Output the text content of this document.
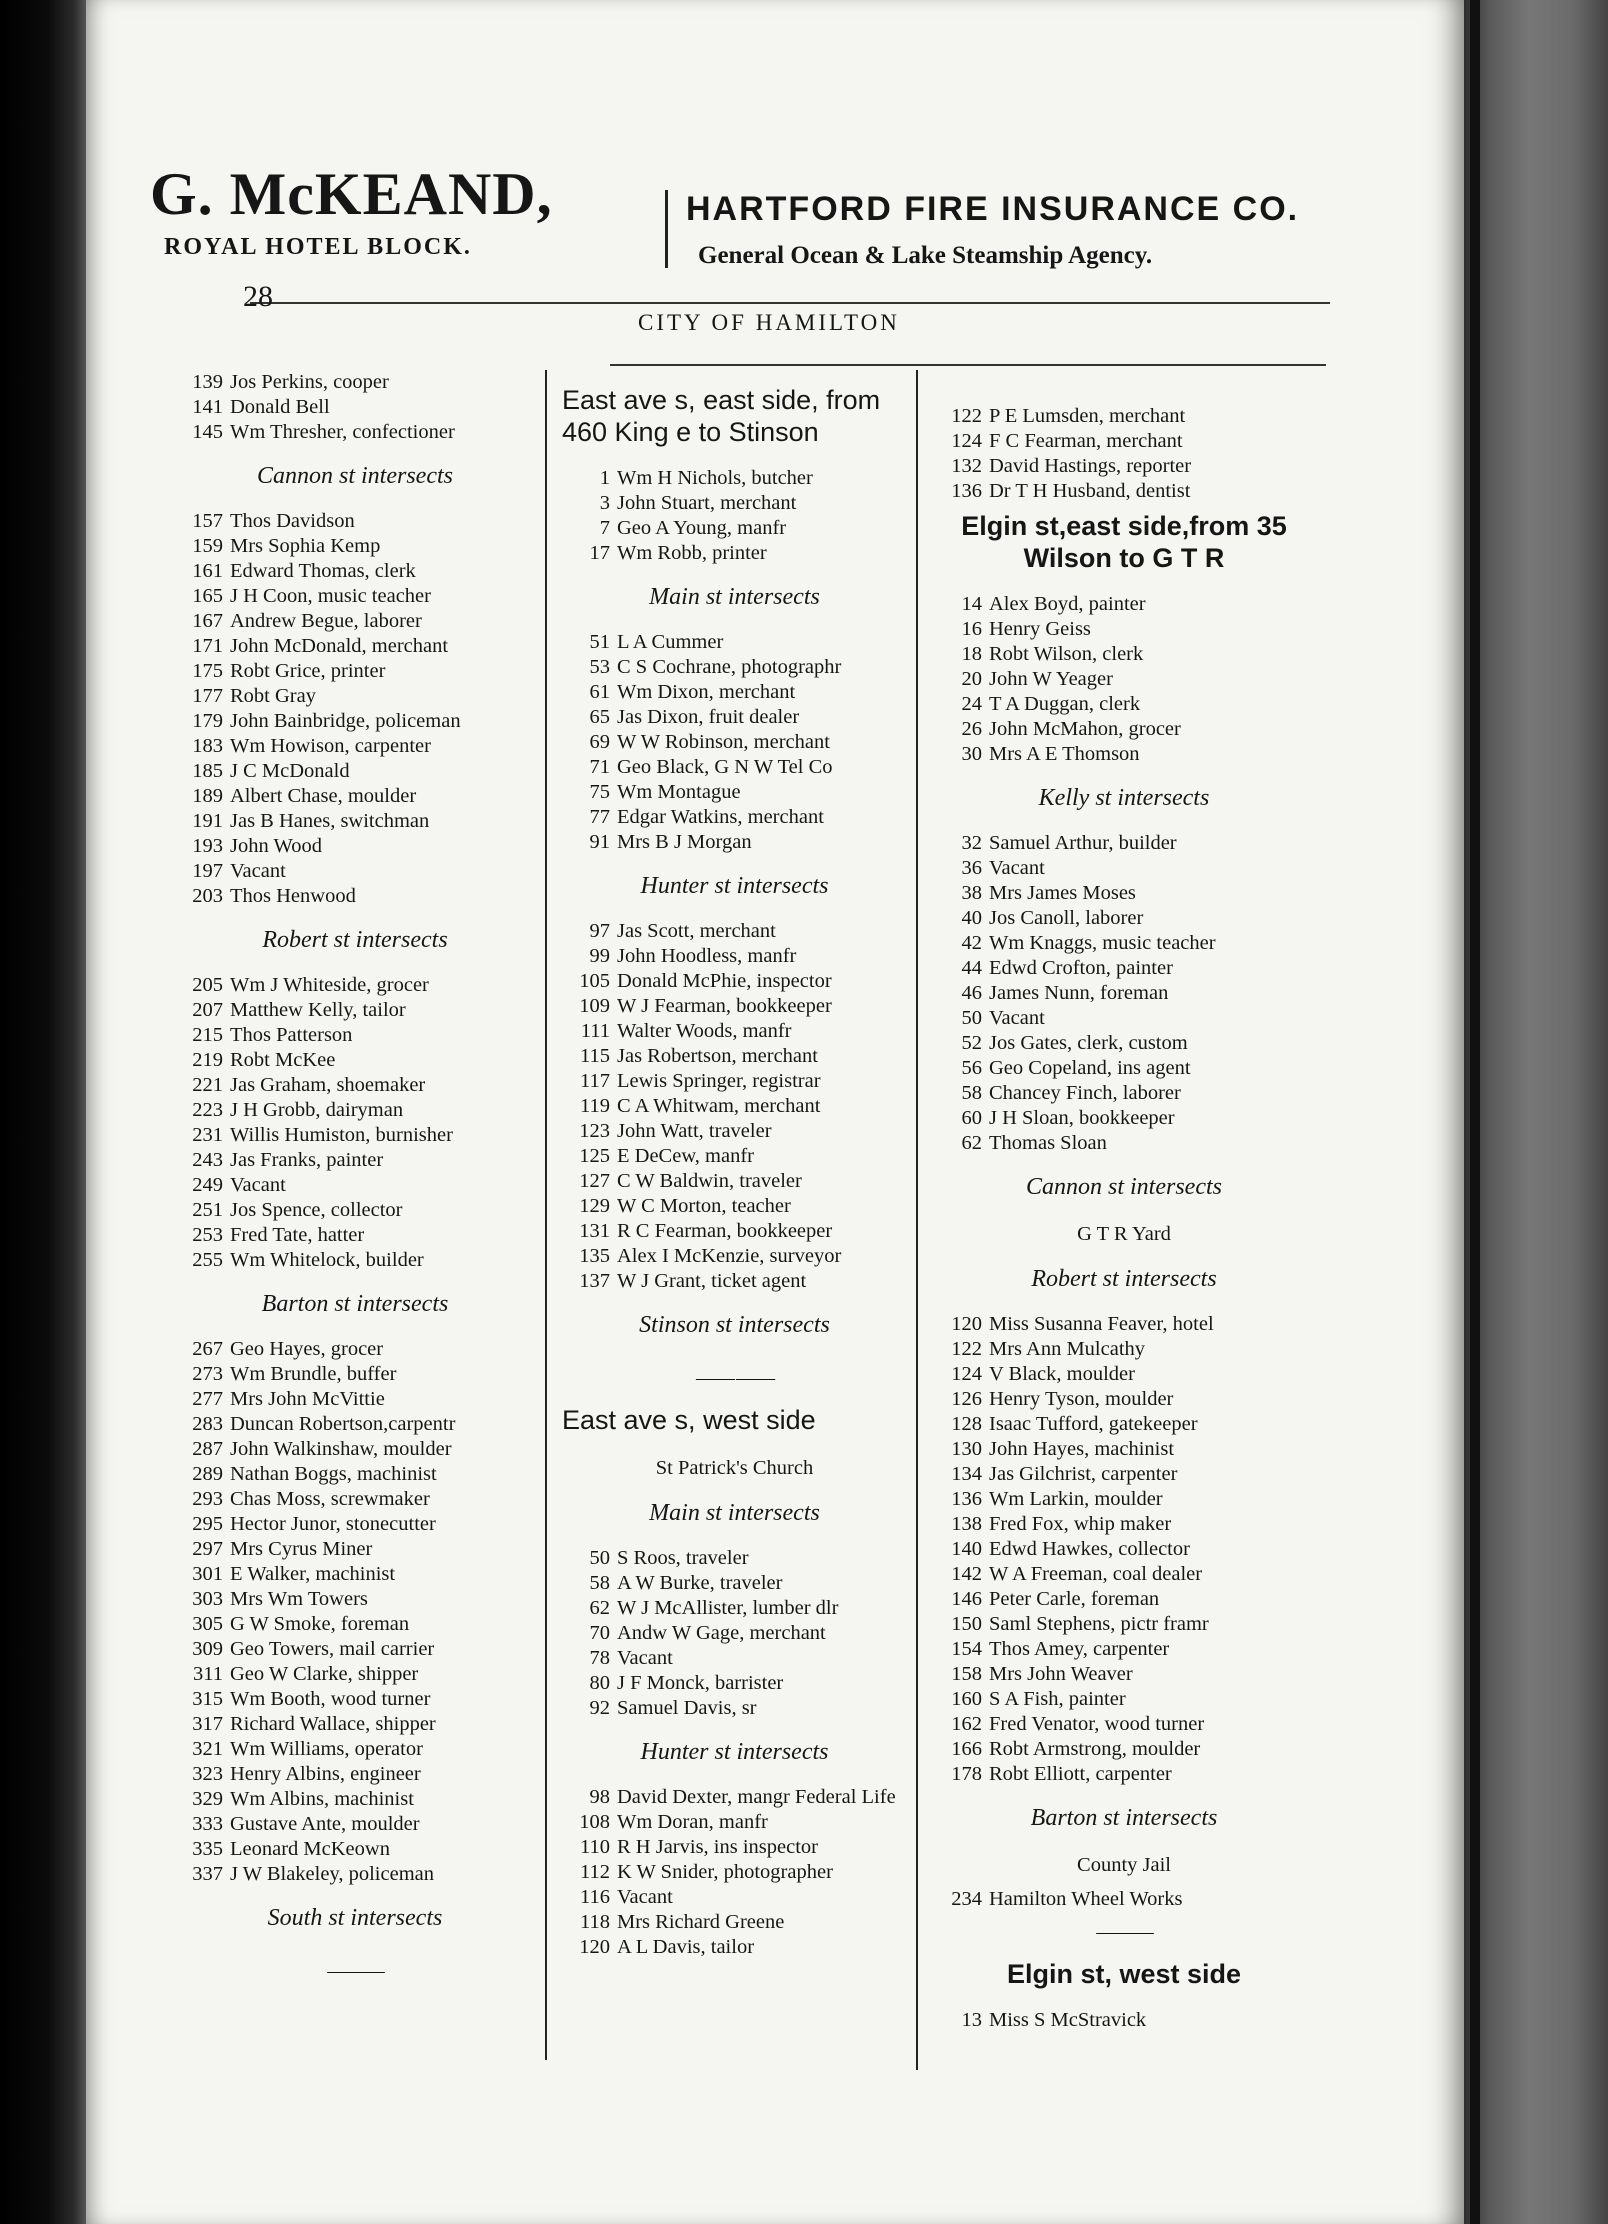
G. McKEAND,
ROYAL HOTEL BLOCK.
HARTFORD FIRE INSURANCE CO.
General Ocean & Lake Steamship Agency.
28
CITY OF HAMILTON
139 Jos Perkins, cooper
141 Donald Bell
145 Wm Thresher, confectioner
Cannon st intersects
157 Thos Davidson
159 Mrs Sophia Kemp
161 Edward Thomas, clerk
165 J H Coon, music teacher
167 Andrew Begue, laborer
171 John McDonald, merchant
175 Robt Grice, printer
177 Robt Gray
179 John Bainbridge, policeman
183 Wm Howison, carpenter
185 J C McDonald
189 Albert Chase, moulder
191 Jas B Hanes, switchman
193 John Wood
197 Vacant
203 Thos Henwood
Robert st intersects
205 Wm J Whiteside, grocer
207 Matthew Kelly, tailor
215 Thos Patterson
219 Robt McKee
221 Jas Graham, shoemaker
223 J H Grobb, dairyman
231 Willis Humiston, burnisher
243 Jas Franks, painter
249 Vacant
251 Jos Spence, collector
253 Fred Tate, hatter
255 Wm Whitelock, builder
Barton st intersects
267 Geo Hayes, grocer
273 Wm Brundle, buffer
277 Mrs John McVittie
283 Duncan Robertson,carpentr
287 John Walkinshaw, moulder
289 Nathan Boggs, machinist
293 Chas Moss, screwmaker
295 Hector Junor, stonecutter
297 Mrs Cyrus Miner
301 E Walker, machinist
303 Mrs Wm Towers
305 G W Smoke, foreman
309 Geo Towers, mail carrier
311 Geo W Clarke, shipper
315 Wm Booth, wood turner
317 Richard Wallace, shipper
321 Wm Williams, operator
323 Henry Albins, engineer
329 Wm Albins, machinist
333 Gustave Ante, moulder
335 Leonard McKeown
337 J W Blakeley, policeman
South st intersects
———
East ave s, east side, from 460 King e to Stinson
1 Wm H Nichols, butcher
3 John Stuart, merchant
7 Geo A Young, manfr
17 Wm Robb, printer
Main st intersects
51 L A Cummer
53 C S Cochrane, photographr
61 Wm Dixon, merchant
65 Jas Dixon, fruit dealer
69 W W Robinson, merchant
71 Geo Black, G N W Tel Co
75 Wm Montague
77 Edgar Watkins, merchant
91 Mrs B J Morgan
Hunter st intersects
97 Jas Scott, merchant
99 John Hoodless, manfr
105 Donald McPhie, inspector
109 W J Fearman, bookkeeper
111 Walter Woods, manfr
115 Jas Robertson, merchant
117 Lewis Springer, registrar
119 C A Whitwam, merchant
123 John Watt, traveler
125 E DeCew, manfr
127 C W Baldwin, traveler
129 W C Morton, teacher
131 R C Fearman, bookkeeper
135 Alex I McKenzie, surveyor
137 W J Grant, ticket agent
Stinson st intersects
—— ——
East ave s, west side
St Patrick's Church
Main st intersects
50 S Roos, traveler
58 A W Burke, traveler
62 W J McAllister, lumber dlr
70 Andw W Gage, merchant
78 Vacant
80 J F Monck, barrister
92 Samuel Davis, sr
Hunter st intersects
98 David Dexter, mangr Federal Life
108 Wm Doran, manfr
110 R H Jarvis, ins inspector
112 K W Snider, photographer
116 Vacant
118 Mrs Richard Greene
120 A L Davis, tailor
122 P E Lumsden, merchant
124 F C Fearman, merchant
132 David Hastings, reporter
136 Dr T H Husband, dentist
Elgin st,east side,from 35 Wilson to G T R
14 Alex Boyd, painter
16 Henry Geiss
18 Robt Wilson, clerk
20 John W Yeager
24 T A Duggan, clerk
26 John McMahon, grocer
30 Mrs A E Thomson
Kelly st intersects
32 Samuel Arthur, builder
36 Vacant
38 Mrs James Moses
40 Jos Canoll, laborer
42 Wm Knaggs, music teacher
44 Edwd Crofton, painter
46 James Nunn, foreman
50 Vacant
52 Jos Gates, clerk, custom
56 Geo Copeland, ins agent
58 Chancey Finch, laborer
60 J H Sloan, bookkeeper
62 Thomas Sloan
Cannon st intersects
G T R Yard
Robert st intersects
120 Miss Susanna Feaver, hotel
122 Mrs Ann Mulcathy
124 V Black, moulder
126 Henry Tyson, moulder
128 Isaac Tufford, gatekeeper
130 John Hayes, machinist
134 Jas Gilchrist, carpenter
136 Wm Larkin, moulder
138 Fred Fox, whip maker
140 Edwd Hawkes, collector
142 W A Freeman, coal dealer
146 Peter Carle, foreman
150 Saml Stephens, pictr framr
154 Thos Amey, carpenter
158 Mrs John Weaver
160 S A Fish, painter
162 Fred Venator, wood turner
166 Robt Armstrong, moulder
178 Robt Elliott, carpenter
Barton st intersects
County Jail
234 Hamilton Wheel Works
———
Elgin st, west side
13 Miss S McStravick
